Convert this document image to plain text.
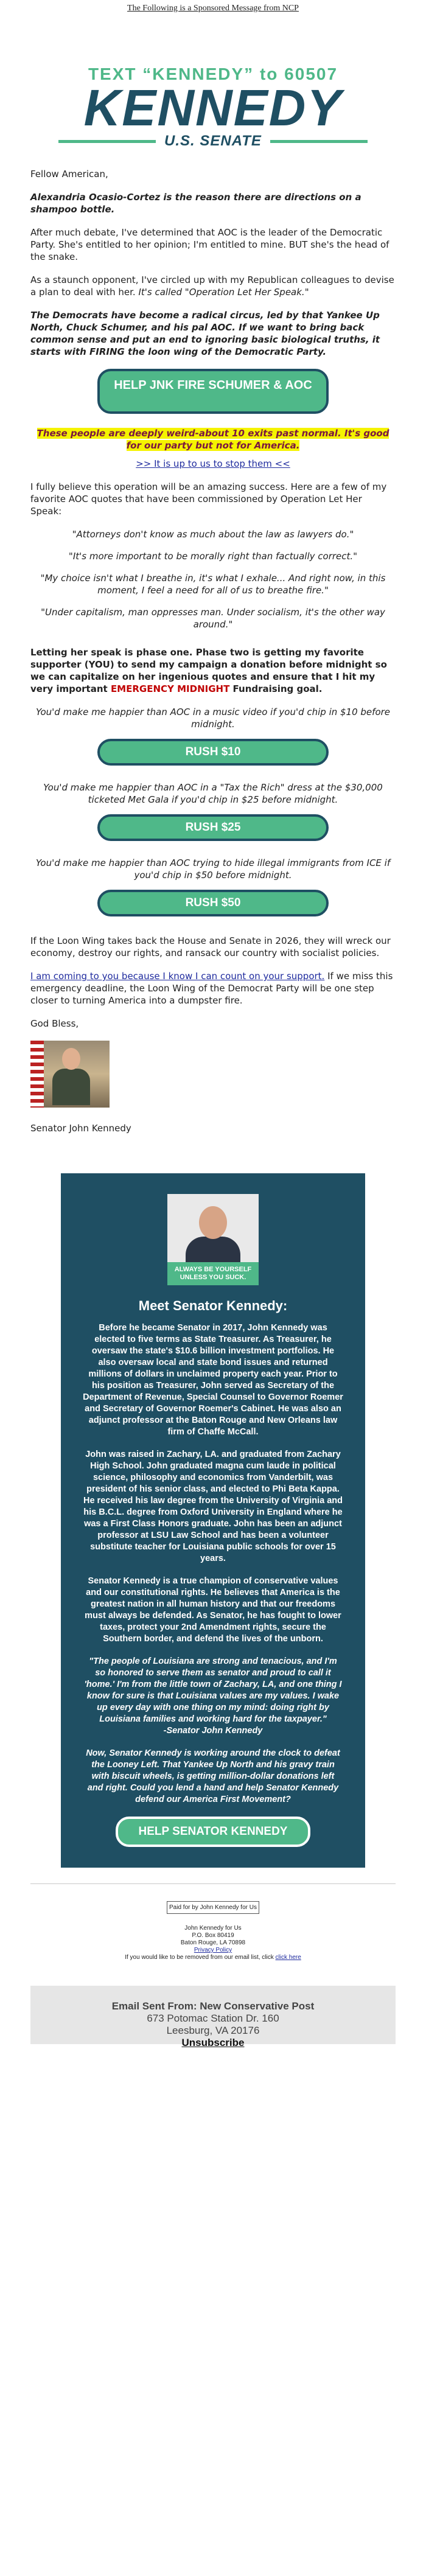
The Following is a Sponsored Message from NCP
TEXT “KENNEDY” to 60507
KENNEDY
U.S. SENATE

Fellow American,

Alexandria Ocasio-Cortez is the reason there are directions on a shampoo bottle.

After much debate, I've determined that AOC is the leader of the Democratic Party. She's entitled to her opinion; I'm entitled to mine. BUT she's the head of the snake.

As a staunch opponent, I've circled up with my Republican colleagues to devise a plan to deal with her. It's called "Operation Let Her Speak."

The Democrats have become a radical circus, led by that Yankee Up North, Chuck Schumer, and his pal AOC. If we want to bring back common sense and put an end to ignoring basic biological truths, it starts with FIRING the loon wing of the Democratic Party.

HELP JNK FIRE SCHUMER & AOC
These people are deeply weird-about 10 exits past normal. It's good for our party but not for America.

>> It is up to us to stop them <<

I fully believe this operation will be an amazing success. Here are a few of my favorite AOC quotes that have been commissioned by Operation Let Her Speak:

"Attorneys don't know as much about the law as lawyers do."
"It's more important to be morally right than factually correct."
"My choice isn't what I breathe in, it's what I exhale... And right now, in this moment, I feel a need for all of us to breathe fire."
"Under capitalism, man oppresses man. Under socialism, it's the other way around."

Letting her speak is phase one. Phase two is getting my favorite supporter (YOU) to send my campaign a donation before midnight so we can capitalize on her ingenious quotes and ensure that I hit my very important EMERGENCY MIDNIGHT Fundraising goal.

You'd make me happier than AOC in a music video if you'd chip in $10 before midnight.
RUSH $10
You'd make me happier than AOC in a "Tax the Rich" dress at the $30,000 ticketed Met Gala if you'd chip in $25 before midnight.
RUSH $25
You'd make me happier than AOC trying to hide illegal immigrants from ICE if you'd chip in $50 before midnight.
RUSH $50

If the Loon Wing takes back the House and Senate in 2026, they will wreck our economy, destroy our rights, and ransack our country with socialist policies.

I am coming to you because I know I can count on your support. If we miss this emergency deadline, the Loon Wing of the Democrat Party will be one step closer to turning America into a dumpster fire.

God Bless,

Senator John Kennedy

ALWAYS BE YOURSELF UNLESS YOU SUCK.
Meet Senator Kennedy:

Before he became Senator in 2017, John Kennedy was elected to five terms as State Treasurer. As Treasurer, he oversaw the state's $10.6 billion investment portfolios. He also oversaw local and state bond issues and returned millions of dollars in unclaimed property each year. Prior to his position as Treasurer, John served as Secretary of the Department of Revenue, Special Counsel to Governor Roemer and Secretary of Governor Roemer's Cabinet. He was also an adjunct professor at the Baton Rouge and New Orleans law firm of Chaffe McCall.

John was raised in Zachary, LA. and graduated from Zachary High School. John graduated magna cum laude in political science, philosophy and economics from Vanderbilt, was president of his senior class, and elected to Phi Beta Kappa. He received his law degree from the University of Virginia and his B.C.L. degree from Oxford University in England where he was a First Class Honors graduate. John has been an adjunct professor at LSU Law School and has been a volunteer substitute teacher for Louisiana public schools for over 15 years.

Senator Kennedy is a true champion of conservative values and our constitutional rights. He believes that America is the greatest nation in all human history and that our freedoms must always be defended. As Senator, he has fought to lower taxes, protect your 2nd Amendment rights, secure the Southern border, and defend the lives of the unborn.

"The people of Louisiana are strong and tenacious, and I'm so honored to serve them as senator and proud to call it 'home.' I'm from the little town of Zachary, LA, and one thing I know for sure is that Louisiana values are my values. I wake up every day with one thing on my mind: doing right by Louisiana families and working hard for the taxpayer."

-Senator John Kennedy

Now, Senator Kennedy is working around the clock to defeat the Looney Left. That Yankee Up North and his gravy train with biscuit wheels, is getting million-dollar donations left and right. Could you lend a hand and help Senator Kennedy defend our America First Movement?

HELP SENATOR KENNEDY
Paid for by John Kennedy for Us
John Kennedy for Us
P.O. Box 80419
Baton Rouge, LA 70898
Privacy Policy
If you would like to be removed from our email list, click click here
Email Sent From: New Conservative Post
673 Potomac Station Dr. 160
Leesburg, VA 20176
Unsubscribe
